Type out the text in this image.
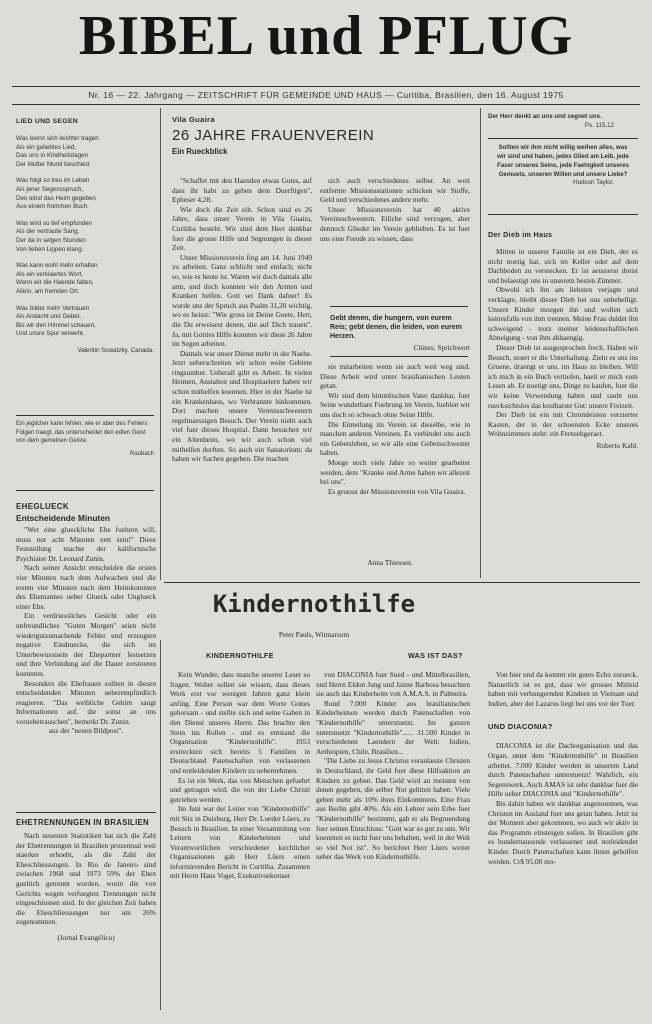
BIBEL und PFLUG
Nr. 16 — 22. Jahrgang — ZEITSCHRIFT FÜR GEMEINDE UND HAUS — Curitiba, Brasilien, den 16. August 1975
LIED UND SEGEN
Was leerst sich leichter tragen
Als ein geliebtes Lied,
Das uns in Kindheitstagen
Der Mutter Mund beschied.
Was folgt so treu im Leben
Als jener Segensspruch,
Den einst das Heim gegeben
Aus einem frommen Buch.
Was wird so tief empfunden
Als der vertraute Sang,
Der da in selgen Stunden
Von lieben Lippen klang.
Was kann wohl mehr erhalten
Als ein verklaertes Wort,
Wenn wir die Haende falten,
Allein, am fremden Ort.
Was bildet mehr Vertrauen
Als Andacht und Gebet,
Bis wir den Himmel schauen,
Und unsre Spur verweht.
Valentin Sowatzky, Canada.
Ein jeglicher kann fehlen; wie er aber des Fehlers Folgen traegt, das unterscheidet den edlen Geist von dem gemeinen Geiste.
Raubach
EHEGLUECK
Entscheidende Minuten

"Wer eine glueckliche Ehe fuehren will, muss nur acht Minuten nett sein!" Diese Feststellung machte der kalifornische Psychiater Dr. Leonard Zunin.

Nach seiner Ansicht entscheiden die ersten vier Minuten nach dem Aufwachen und die ersten vier Minuten nach dem Heimkommen des Ehemannes ueber Glueck oder Unglueck einer Ehe.

Ein verdriessliches Gesicht oder ein unfreundliches "Guten Morgen" seien nicht wiedergutzumachende Fehler und erzeugten negative Eindruecke, die sich im Unterbewusstsein der Ehepartner festsetzen und ihre Verbindung auf die Dauer zerstoeren koennten.

Besonders die Ehefrauen sollten in diesen entscheidenden Minuten ueberempfindlich reagieren. "Das weibliche Gehirn saugt Informationen auf, die sonst an uns vorueberrauschen", bemerkt Dr. Zunin.

aus der "neuen Bildpost".
EHETRENNUNGEN IN BRASILIEN

Nach neuesten Statistiken hat sich die Zahl der Ehetrennungen in Brasilien prozentual weit staerker erhoeht, als die Zahl der Eheschliessungen. In Rio de Janeiro sind zwischen 1968 und 1973 59% der Ehen gueltich getrennt worden, worin die von Gerichts wegen verfuegten Trennungen nicht eingeschlossen sind. In der gleichen Zeit haben die Eheschliessungen nur um 26% zugenommen.

(Jornal Evangélico)
Vila Guaira
26 JAHRE FRAUENVEREIN
Ein Rueckblick

"Schaffet mit den Haenden etwas Gutes, auf dass ihr habt zu geben dem Duerftigen", Epheser 4,28.

Wie doch die Zeit eilt. Schon sind es 26 Jahre, dass unser Verein in Vila Guaira, Curitiba besteht. Wir sind dem Herr dankbar fuer die grosse Hilfe und Segnungen in dieser Zeit.

Unser Missionsverein fing am 14. Juni 1949 zu arbeiten. Ganz schlicht und einfach; nicht so, wie es heute ist. Waren wir doch damals alle arm, und doch konnten wir den Armen und Kranken helfen. Gott sei Dank dafuer! Es wurde uns der Spruch aus Psalm 31,20 wichtig, wo es heisst: "Wie gross ist Deine Guete, Herr, die Du erweisest denen, die auf Dich trauen". Ja, mit Gotties Hilfe konnten wir diese 26 Jahre im Segen arbeiten.

Damals war unser Dienst mehr in der Naehe. Jetzt ueberschreiten wir schon weite Gebiete ringsumher. Ueberall gibt es Arbeit. In vielen Heimen, Anstalten und Hospitaelern haben wir schon mithelfen koennen. Hier in der Naehe ist ein Krankenhaus, wo Verbrannte hinkommen. Dort machen unsere Vereinsschwestern regelmaessigen Besuch. Der Verein nieht auch viel fuer dieses Hospital. Dann besuchen wir ein Altenheim, wo wir auch schon viel mithelfen durften. So auch ein Sanatorium; da haben wir Sachen gegeben. Die machen

sich auch verschiedenes selber. An weit entfernte Missionsstationen schicken wir Stoffe, Geld und verschiedenes andere mehr.

Unser Missionsverein hat 40 aktive Vereinsschwestern. Etliche sind verzogen, aber dennoch Glieder im Verein geblieben. Es ist fuer uns eine Freude zu wissen, dass

Gebt denen, die hungern, von eurem Reis; gebt denen, die leiden, von eurem Herzen.
Chines. Sprichwort

sie mitarbeiten wenn sie auch weit weg sind. Diese Arbeit wird unter brasilianischen Leuten getan.

Wir sind dem himmlischen Vater dankbar, fuer Seine wunderbare Fuehrung im Verein, fuehlen wir uns doch so schwach ohne Seine Hilfe.

Die Einteilung im Verein ist dieselbe, wie in manchen anderen Vereinen. Es verbindet uns auch ein Gebetsleben, so wir alle eine Gebetsschwester haben.

Moege noch viele Jahre so weiter gearbeitet werden, dem "Kranke und Arme haben wir allezeit bei uns".

Es gruesst der Missionsverein von Vila Guaira.

Anna Thiessen.
Der Herr denkt an uns und segnet uns.
Ps. 115,12
Sollten wir ihm nicht willig weihen alles, was wir sind und haben, jedes Glied am Leib, jede Faser unseres Seins, jede Faehigkeit unseres Gemuets, unseren Willen und unsere Liebe?
Hudson Taylor.
Der Dieb im Haus

Mitten in unserer Familie ist ein Dieb, der es nicht noetig hat, sich im Keller oder auf dem Dachboden zu verstecken. Er ist aeusserst dreist und belaestigt uns in unserem besten Zimmer.

Obwohl ich ihn am liebsten verjagte und verklagte, bleibt dieser Dieb bei uns unbehelligt. Unsere Kinder moegen ihn und wollen sich keinesfalls von ihm trennen. Meine Frau duldet ihn schweigend - trotz meiner leidenschaftlichen Abneigung - von ihm abhaengig.

Dieser Dieb ist ausgesprochen frech. Haben wir Besuch, stoert er die Unterhaltung. Zieht es uns ins Gruene, draengt er uns, im Haus zu bleiben. Will ich mich in ein Buch vertiefen, haelt er mich vom Lesen ab. Er noetigt uns, Dinge zu kaufen, fuer die wir keine Verwendung haben und raubt uns ruecksichtslos das kostbarste Gut: unsere Freizeit.

Der Dieb ist ein mit Chromleisten verzierter Kasten, der in der schoensten Ecke unseres Wohnzimmers steht: ein Fernsehgeraet.

Roberto Kahl.
Kindernothilfe
Peter Pauls, Witmarsum
KINDERNOTHILFE	WAS IST DAS?

Kein Wunder, dass manche unserer Leser so fragen. Woher sollen sie wissen, dass dieses Werk erst vor wenigen Jahren ganz klein anfing. Eine Person war dem Worte Gottes gehorsam - und stellte sich und seine Gaben in den Dienst unseres Herrn. Das brachte den Stein ins Rollen - und es entstand die Organisation "Kindernothilfe". 1953 erstreckten sich bereits 5 Familien in Deutschland Patenschaften von verlassenen und notleidenden Kindern zu uebernehmen.

Es ist ein Werk, das von Menschen gefuehrt und getragen wird, die von der Liebe Christi getrieben werden.

Im Juni war der Leiter von "Kindernothilfe" mit Sitz in Duisburg, Herr Dr. Lueder Lüers, zu Besuch in Brasilien. In einer Versammlung von Leitern von Kinderheimen und Verantwortlichen verschiedener kirchlicher Organisationen gab Herr Lüers einen informierenden Bericht in Curitiba. Zusammen mit Herrn Hans Voget, Exekutivsekretaer

von DIACONIA fuer Sued - und Mittelbrasilien, und Herrn Eldon Jung und Jaime Barbosa besuchten sie auch das Kinderheim von A.M.A.S. in Palmeira.

Rund 7.000 Kinder aus brasilianischen Kinderheimen werden durch Patenschaften von "Kindernothilfe" unterstuetzt. Im ganzen unterstuetzt "Kindernothilfe"...... 31.500 Kinder in verschiedenen Laendern der Welt: Indien, Aethiopien, Chile, Brasilien...

"Die Liebe zu Jesus Christus veranlasste Christen in Deutschland, ihr Geld fuer diese Hilfsaktion an Kindern zu geben. Das Geld wird an meisten von denen gegeben, die selber Not gelitten haben. Viele geben mehr als 10% ihres Einkommens. Eine Frau aus Berlin gibt 40%. Als ein Lehrer sein Erbe fuer "Kindernothilfe" bestimmt, gab er als Begruendung fuer seinen Entschluss: "Gott war so gut zu uns. Wir koennten es nicht fuer uns behalten, weil in der Welt so viel Not ist". So berichtet Herr Lüers weiter ueber das Werk von Kindernothilfe.

Von hier und da kommt ein gutes Echo zurueck. Natuerlich ist es gut, dass wir grosses Mitleid haben mit verhungernden Kindern in Vietnam und Indien, aber der Lazarus liegt bei uns vor der Tuer.

UND DIACONIA?

DIACONIA ist die Dachorganisation und das Organ, unter dem "Kindernothilfe" in Brasilien arbeitet. 7.000 Kinder werden in unserem Land durch Patenschaften unterstuetzt! Wahrlich, ein Segenswerk. Auch AMAS ist sehr dankbar fuer die Hilfe ueber DIACONIA und "Kindernothilfe".

Bis dahin haben wir dankbar angenommen, was Christen im Ausland fuer uns getan haben. Jetzt ist der Moment aber gekommen, wo auch wir aktiv in das Programm einsteigen sollen. In Brasilien gibt es hunderttausende verlassener und notleidender Kinder. Durch Patenschaften kann ihnen geholfen werden. Cr$ 95,00 mo-
